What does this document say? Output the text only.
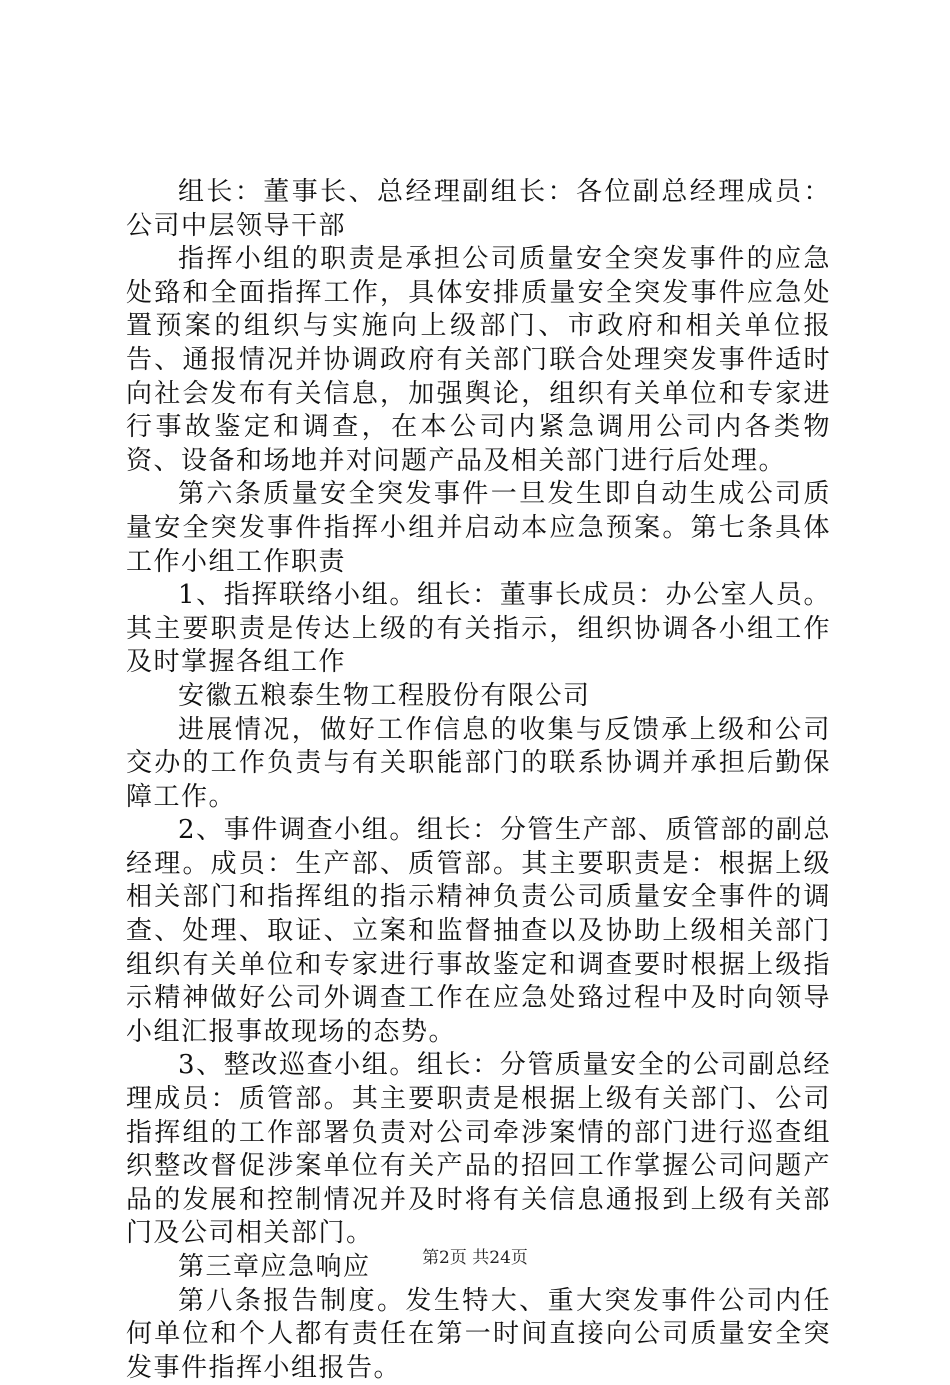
组长：董事长、总经理副组长：各位副总经理成员：公司中层领导干部

指挥小组的职责是承担公司质量安全突发事件的应急处臵和全面指挥工作，具体安排质量安全突发事件应急处置预案的组织与实施向上级部门、市政府和相关单位报告、通报情况并协调政府有关部门联合处理突发事件适时向社会发布有关信息，加强舆论，组织有关单位和专家进行事故鉴定和调查，在本公司内紧急调用公司内各类物资、设备和场地并对问题产品及相关部门进行后处理。

第六条质量安全突发事件一旦发生即自动生成公司质量安全突发事件指挥小组并启动本应急预案。第七条具体工作小组工作职责

1、指挥联络小组。组长：董事长成员：办公室人员。其主要职责是传达上级的有关指示，组织协调各小组工作及时掌握各组工作

安徽五粮泰生物工程股份有限公司

进展情况，做好工作信息的收集与反馈承上级和公司交办的工作负责与有关职能部门的联系协调并承担后勤保障工作。

2、事件调查小组。组长：分管生产部、质管部的副总经理。成员：生产部、质管部。其主要职责是：根据上级相关部门和指挥组的指示精神负责公司质量安全事件的调查、处理、取证、立案和监督抽查以及协助上级相关部门组织有关单位和专家进行事故鉴定和调查要时根据上级指示精神做好公司外调查工作在应急处臵过程中及时向领导小组汇报事故现场的态势。

3、整改巡查小组。组长：分管质量安全的公司副总经理成员：质管部。其主要职责是根据上级有关部门、公司指挥组的工作部署负责对公司牵涉案情的部门进行巡查组织整改督促涉案单位有关产品的招回工作掌握公司问题产品的发展和控制情况并及时将有关信息通报到上级有关部门及公司相关部门。

第三章应急响应

第八条报告制度。发生特大、重大突发事件公司内任何单位和个人都有责任在第一时间直接向公司质量安全突发事件指挥小组报告。

第2页 共24页
